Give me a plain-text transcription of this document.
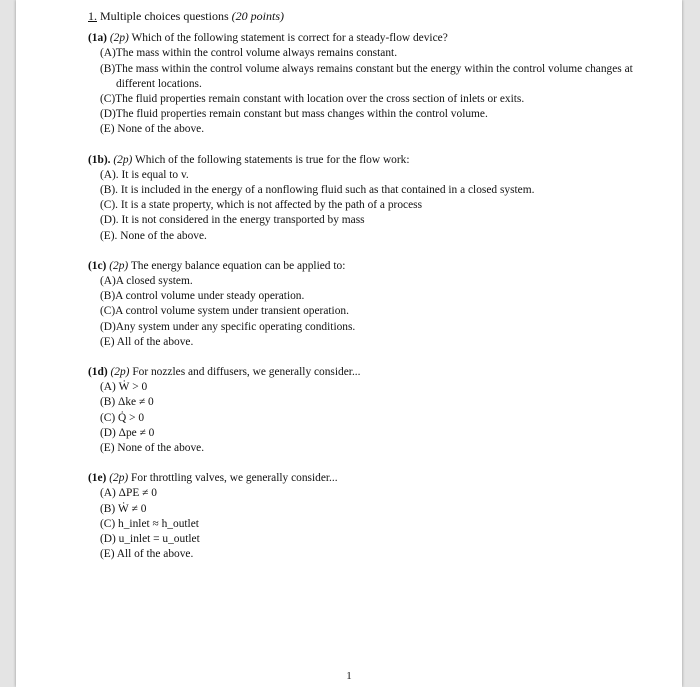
1. Multiple choices questions (20 points)
(1a) (2p) Which of the following statement is correct for a steady-flow device?
(A)The mass within the control volume always remains constant.
(B)The mass within the control volume always remains constant but the energy within the control volume changes at different locations.
(C)The fluid properties remain constant with location over the cross section of inlets or exits.
(D)The fluid properties remain constant but mass changes within the control volume.
(E) None of the above.
(1b). (2p) Which of the following statements is true for the flow work:
(A). It is equal to v.
(B). It is included in the energy of a nonflowing fluid such as that contained in a closed system.
(C). It is a state property, which is not affected by the path of a process
(D). It is not considered in the energy transported by mass
(E). None of the above.
(1c) (2p) The energy balance equation can be applied to:
(A)A closed system.
(B)A control volume under steady operation.
(C)A control volume system under transient operation.
(D)Any system under any specific operating conditions.
(E) All of the above.
(1d) (2p) For nozzles and diffusers, we generally consider...
(A) Ẇ > 0
(B) Δke ≠ 0
(C) Q̇ > 0
(D) Δpe ≠ 0
(E) None of the above.
(1e) (2p) For throttling valves, we generally consider...
(A) ΔPE ≠ 0
(B) Ẇ ≠ 0
(C) h_inlet ≈ h_outlet
(D) u_inlet = u_outlet
(E) All of the above.
1
